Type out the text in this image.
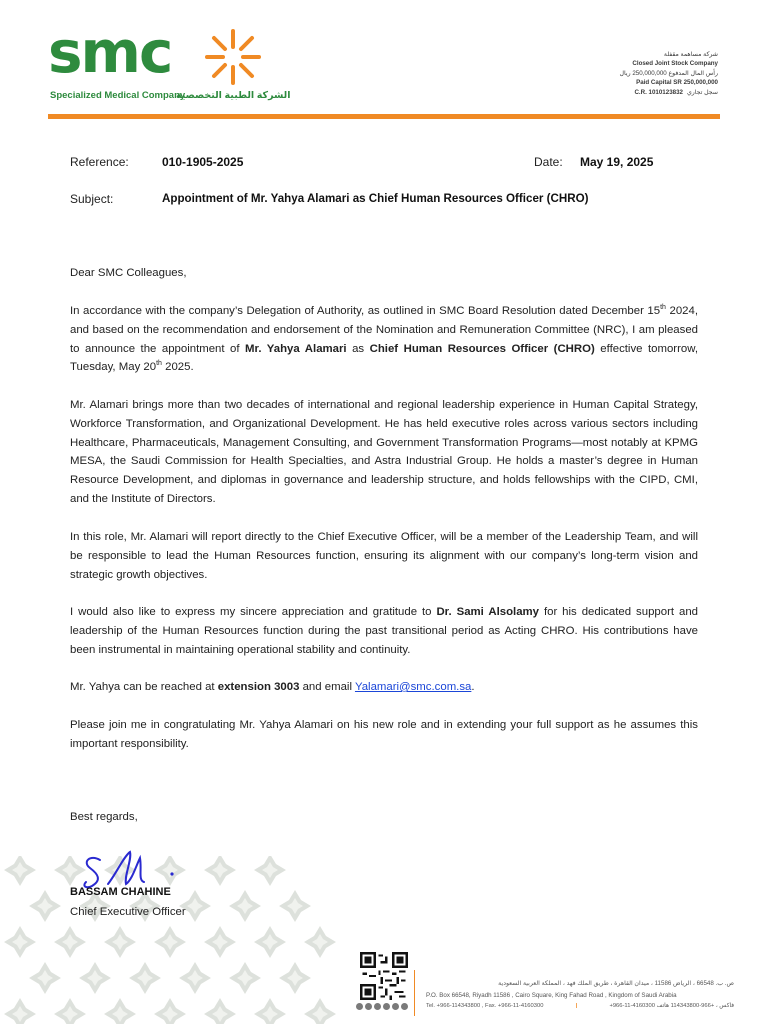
smc
Specialized Medical Company
الشركة الطبية التخصصية
شركة مساهمة مقفلة
Closed Joint Stock Company
رأس المال المدفوع 250,000,000 ريال
Paid Capital SR 250,000,000
C.R. 1010123832 سجل تجاري
Reference:	010-1905-2025	Date: May 19, 2025
Subject:	Appointment of Mr. Yahya Alamari as Chief Human Resources Officer (CHRO)
Dear SMC Colleagues,

In accordance with the company’s Delegation of Authority, as outlined in SMC Board Resolution dated December 15th 2024, and based on the recommendation and endorsement of the Nomination and Remuneration Committee (NRC), I am pleased to announce the appointment of Mr. Yahya Alamari as Chief Human Resources Officer (CHRO) effective tomorrow, Tuesday, May 20th 2025.

Mr. Alamari brings more than two decades of international and regional leadership experience in Human Capital Strategy, Workforce Transformation, and Organizational Development. He has held executive roles across various sectors including Healthcare, Pharmaceuticals, Management Consulting, and Government Transformation Programs—most notably at KPMG MESA, the Saudi Commission for Health Specialties, and Astra Industrial Group. He holds a master’s degree in Human Resource Development, and diplomas in governance and leadership structure, and holds fellowships with the CIPD, CMI, and the Institute of Directors.

In this role, Mr. Alamari will report directly to the Chief Executive Officer, will be a member of the Leadership Team, and will be responsible to lead the Human Resources function, ensuring its alignment with our company’s long-term vision and strategic growth objectives.

I would also like to express my sincere appreciation and gratitude to Dr. Sami Alsolamy for his dedicated support and leadership of the Human Resources function during the past transitional period as Acting CHRO. His contributions have been instrumental in maintaining operational stability and continuity.

Mr. Yahya can be reached at extension 3003 and email Yalamari@smc.com.sa.

Please join me in congratulating Mr. Yahya Alamari on his new role and in extending your full support as he assumes this important responsibility.

Best regards,
BASSAM CHAHINE
Chief Executive Officer
ص. ب. 66548 ، الرياض 11586 ، ميدان القاهرة ، طريق الملك فهد ، المملكة العربية السعودية
P.O. Box 66548, Riyadh 11586 , Cairo Square, King Fahad Road , Kingdom of Saudi Arabia
Tel. +966-114343800 , Fax. +966-11-4160300	|	+966-11-4160300 فاكس ، +966-114343800 هاتف
